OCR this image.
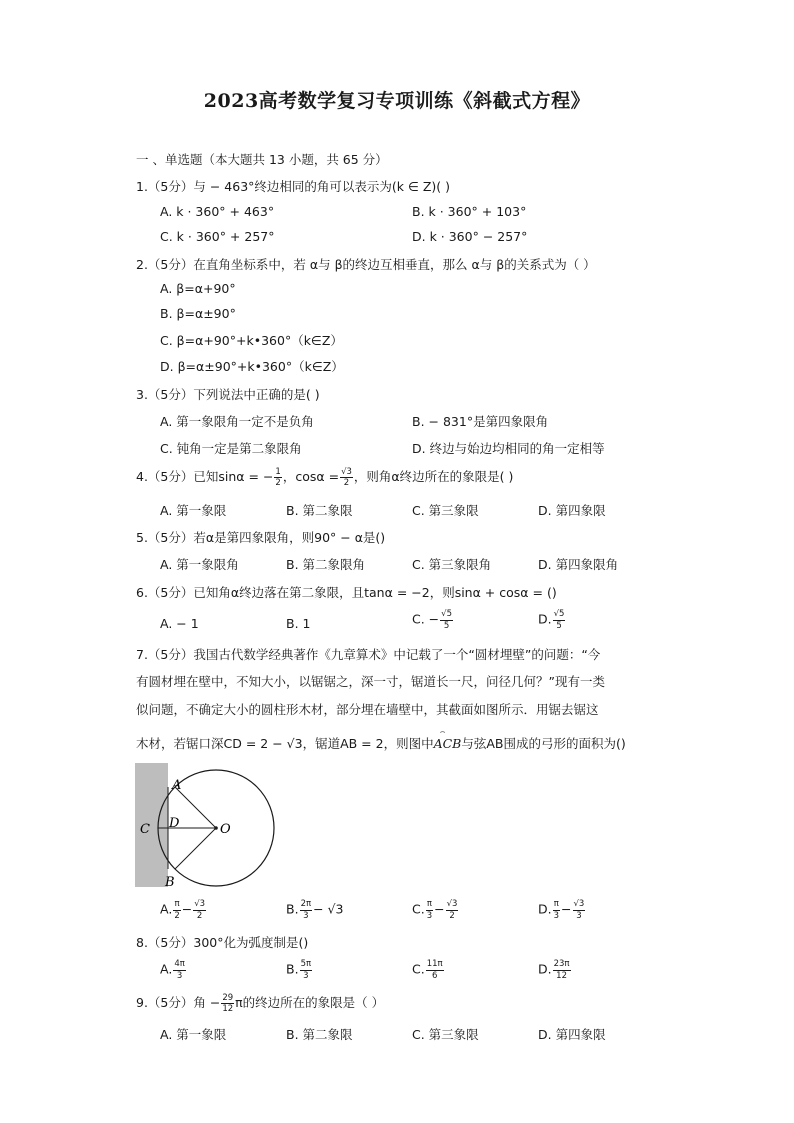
2023高考数学复习专项训练《斜截式方程》
一 、单选题（本大题共 13 小题，共 65 分）
1.（5分）与 − 463°终边相同的角可以表示为(k ∈ Z)( )
A. k · 360° + 463°	B. k · 360° + 103°
C. k · 360° + 257°	D. k · 360° − 257°
2.（5分）在直角坐标系中，若 α与 β的终边互相垂直，那么 α与 β的关系式为（ ）
A. β=α+90°
B. β=α±90°
C. β=α+90°+k•360°（k∈Z）
D. β=α±90°+k•360°（k∈Z）
3.（5分）下列说法中正确的是( )
A. 第一象限角一定不是负角	B. − 831°是第四象限角
C. 钝角一定是第二象限角	D. 终边与始边均相同的角一定相等
4.（5分）已知sinα = − $\frac{1}{2}$ ，$\cos\alpha = \frac{√3}{2}$ ，则角α终边所在的象限是( )
A. 第一象限	B. 第二象限	C. 第三象限	D. 第四象限
5.（5分）若α是第四象限角，则90° − α是()
A. 第一象限角	B. 第二象限角	C. 第三象限角	D. 第四象限角
6.（5分）已知角α终边落在第二象限，且tanα = −2，则sinα + cosα = ()
A. − 1	B. 1	C. − $\frac{√5}{5}$	D. $\frac{√5}{5}$
7.（5分）我国古代数学经典著作《九章算术》中记载了一个“圆材埋壁”的问题：“今
有圆材埋在壁中，不知大小，以锯锯之，深一寸，锯道长一尺，问径几何？”现有一类
似问题，不确定大小的圆柱形木材，部分埋在墙壁中，其截面如图所示．用锯去锯这
木材，若锯口深CD = 2 − √3，锯道AB = 2，则图中⌢ ACB与弦AB围成的弓形的面积为()
A
B
C D	O
A. $\frac{\pi}{2} - \frac{√3}{2}$	B. $\frac{2\pi}{3} - √3$	C. $\frac{\pi}{3} - \frac{√3}{2}$	D. $\frac{\pi}{3} - \frac{√3}{3}$
8.（5分）300°化为弧度制是()
A. $\frac{4\pi}{3}$	B. $\frac{5\pi}{3}$	C. $\frac{11\pi}{6}$	D. $\frac{23\pi}{12}$
9.（5分）角 − $\frac{29}{12}$ π的终边所在的象限是（ ）
A. 第一象限	B. 第二象限	C. 第三象限	D. 第四象限
